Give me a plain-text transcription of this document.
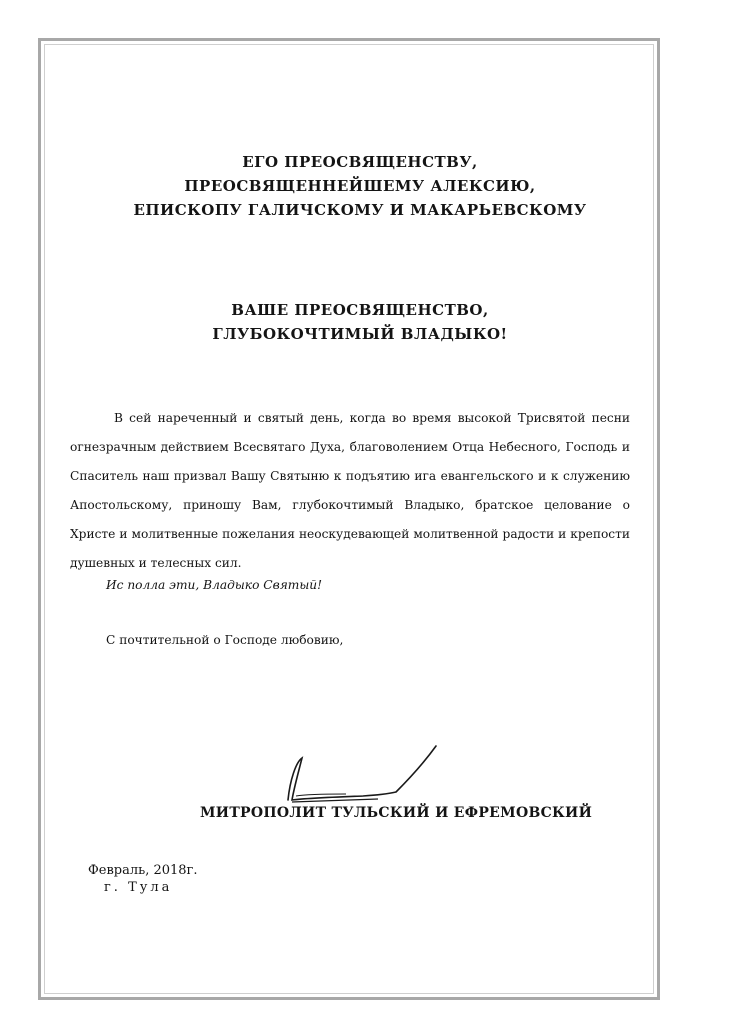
ЕГО ПРЕОСВЯЩЕНСТВУ,
ПРЕОСВЯЩЕННЕЙШЕМУ АЛЕКСИЮ,
ЕПИСКОПУ ГАЛИЧСКОМУ И МАКАРЬЕВСКОМУ
ВАШЕ ПРЕОСВЯЩЕНСТВО,
ГЛУБОКОЧТИМЫЙ ВЛАДЫКО!

В сей нареченный и святый день, когда во время высокой Трисвятой песни огнезрачным действием Всесвятаго Духа, благоволением Отца Небесного, Господь и Спаситель наш призвал Вашу Святыню к подъятию ига евангельского и к служению Апостольскому, приношу Вам, глубокочтимый Владыко, братское целование о Христе и молитвенные пожелания неоскудевающей молитвенной радости и крепости душевных и телесных сил.

Ис полла эти, Владыко Святый!
С почтительной о Господе любовию,
МИТРОПОЛИТ ТУЛЬСКИЙ И ЕФРЕМОВСКИЙ
Февраль, 2018г.
г. Тула
